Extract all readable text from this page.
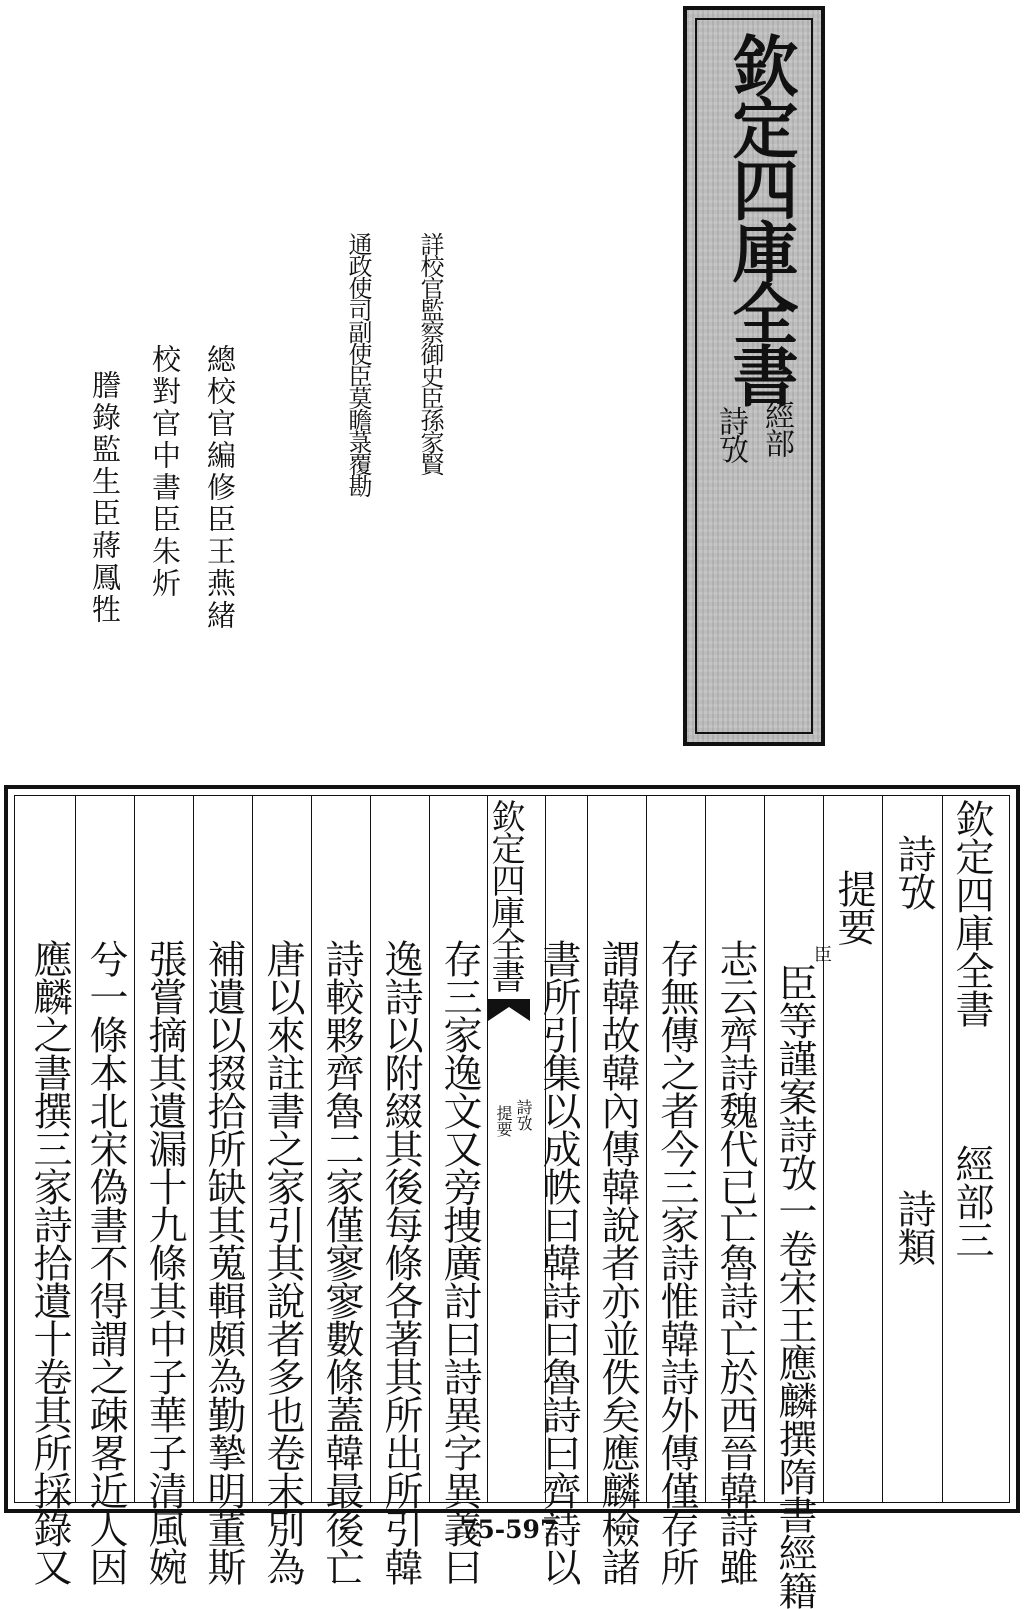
欽定四庫全書
經部
詩攷
詳校官監察御史臣孫家賢
通政使司副使臣莫瞻菉覆勘
總校官編修臣王燕緒
校對官中書臣朱炘
謄錄監生臣蔣鳳牲
欽定四庫全書
經部三
詩攷
詩類
提要
臣
臣等謹案詩攷一卷宋王應麟撰隋書經籍
志云齊詩魏代已亡魯詩亡於西晉韓詩雖
存無傳之者今三家詩惟韓詩外傳僅存所
謂韓故韓內傳韓說者亦並佚矣應麟檢諸
書所引集以成帙曰韓詩曰魯詩曰齊詩以
欽定四庫全書
詩攷
提要
存三家逸文又旁捜廣討曰詩異字異義曰
逸詩以附綴其後每條各著其所出所引韓
詩較夥齊魯二家僅寥寥數條蓋韓最後亡
唐以來註書之家引其說者多也卷末別為
補遺以掇拾所缺其蒐輯頗為勤摯明董斯
張嘗摘其遺漏十九條其中子華子清風婉
兮一條本北宋偽書不得謂之疎畧近人因
應麟之書撰三家詩拾遺十卷其所採錄又	75-597
